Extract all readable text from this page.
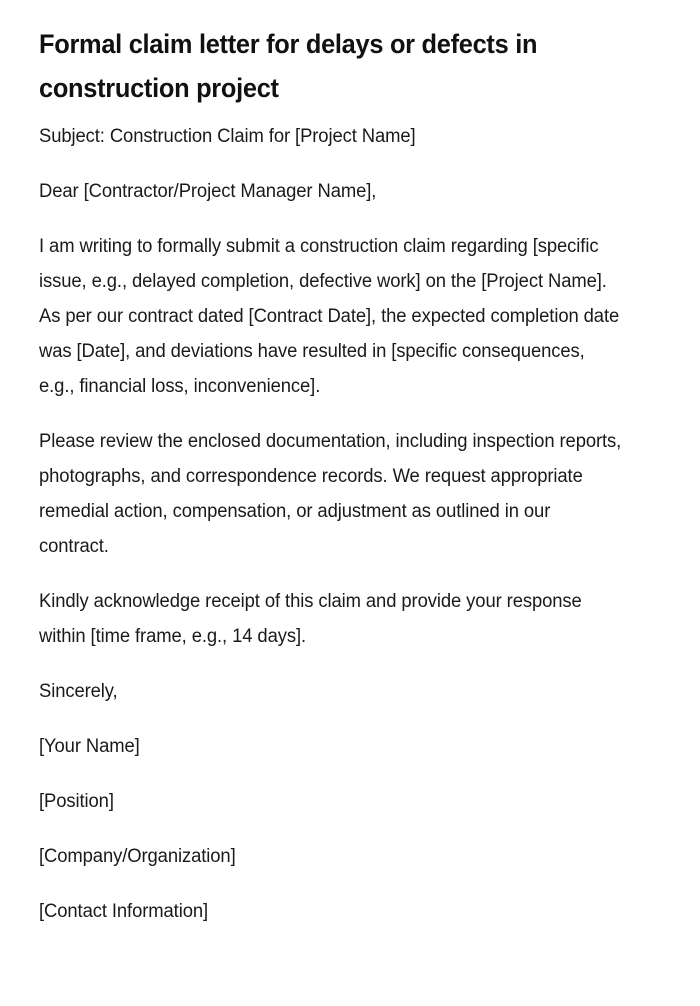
Formal claim letter for delays or defects in construction project

Subject: Construction Claim for [Project Name]

Dear [Contractor/Project Manager Name],

I am writing to formally submit a construction claim regarding [specific issue, e.g., delayed completion, defective work] on the [Project Name]. As per our contract dated [Contract Date], the expected completion date was [Date], and deviations have resulted in [specific consequences, e.g., financial loss, inconvenience].

Please review the enclosed documentation, including inspection reports, photographs, and correspondence records. We request appropriate remedial action, compensation, or adjustment as outlined in our contract.

Kindly acknowledge receipt of this claim and provide your response within [time frame, e.g., 14 days].

Sincerely,

[Your Name]

[Position]

[Company/Organization]

[Contact Information]
